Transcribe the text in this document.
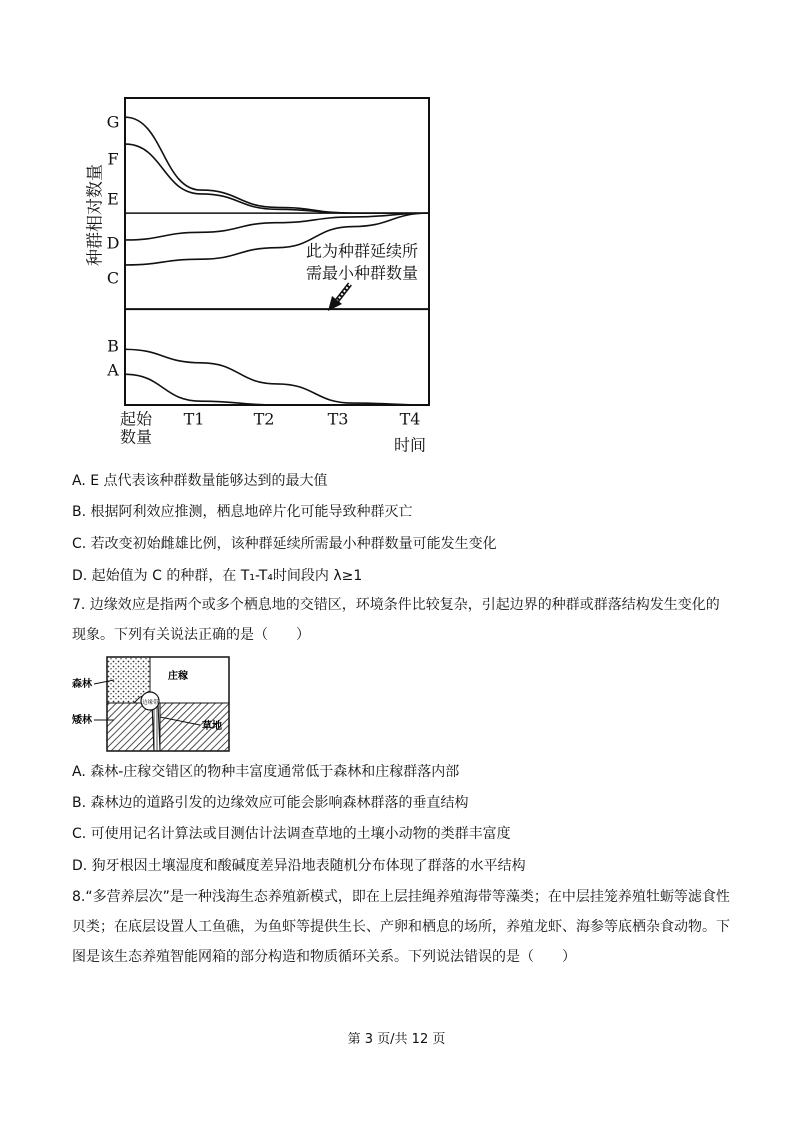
种群相对数量
G
F
E
D
C
B
A
起始
数量
T1	T2	T3	T4
时间
此为种群延续所
需最小种群数量
A. E 点代表该种群数量能够达到的最大值
B. 根据阿利效应推测，栖息地碎片化可能导致种群灭亡
C. 若改变初始雌雄比例，该种群延续所需最小种群数量可能发生变化
D. 起始值为 C 的种群，在 T₁-T₄时间段内 λ≥1
7. 边缘效应是指两个或多个栖息地的交错区，环境条件比较复杂，引起边界的种群或群落结构发生变化的现象。下列有关说法正确的是（　　）
庄稼
森林
矮林
边缘带
草地
A. 森林-庄稼交错区的物种丰富度通常低于森林和庄稼群落内部
B. 森林边的道路引发的边缘效应可能会影响森林群落的垂直结构
C. 可使用记名计算法或目测估计法调查草地的土壤小动物的类群丰富度
D. 狗牙根因土壤湿度和酸碱度差异沿地表随机分布体现了群落的水平结构
8.“多营养层次”是一种浅海生态养殖新模式，即在上层挂绳养殖海带等藻类；在中层挂笼养殖牡蛎等滤食性贝类；在底层设置人工鱼礁，为鱼虾等提供生长、产卵和栖息的场所，养殖龙虾、海参等底栖杂食动物。下图是该生态养殖智能网箱的部分构造和物质循环关系。下列说法错误的是（　　）
第 3 页/共 12 页
